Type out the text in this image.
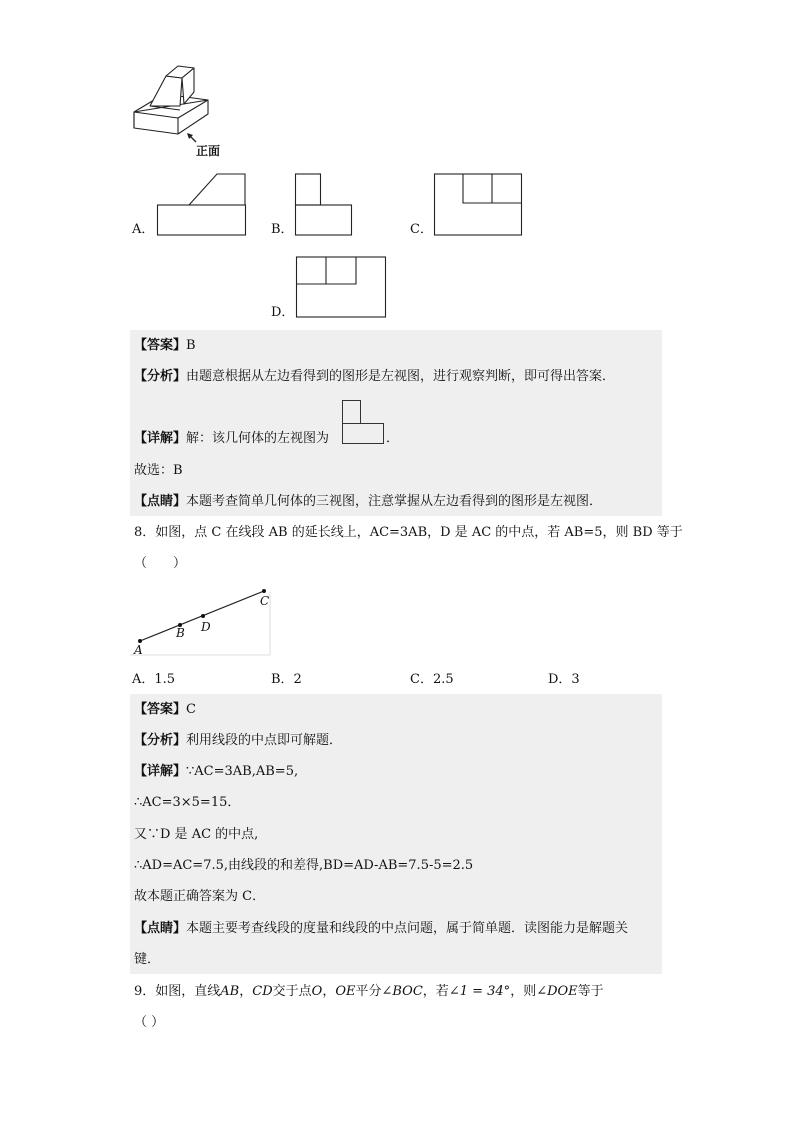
正面
A．	B．	C．
D．
【答案】B
【分析】由题意根据从左边看得到的图形是左视图，进行观察判断，即可得出答案．
【详解】解：该几何体的左视图为	．
故选：B
【点睛】本题考查简单几何体的三视图，注意掌握从左边看得到的图形是左视图．
8．如图，点 C 在线段 AB 的延长线上，AC=3AB，D 是 AC 的中点，若 AB=5，则 BD 等于
（　　）
A
B D
C
A．1.5	B．2	C．2.5	D．3
【答案】C
【分析】利用线段的中点即可解题．
【详解】∵AC=3AB,AB=5,
∴AC=3×5=15．
又∵D 是 AC 的中点,
∴AD=AC=7.5,由线段的和差得,BD=AD-AB=7.5-5=2.5
故本题正确答案为 C．
【点睛】本题主要考查线段的度量和线段的中点问题，属于简单题．读图能力是解题关
键．
9．如图，直线AB，CD交于点O，OE平分∠BOC，若∠1 = 34°，则∠DOE等于
（ ）
